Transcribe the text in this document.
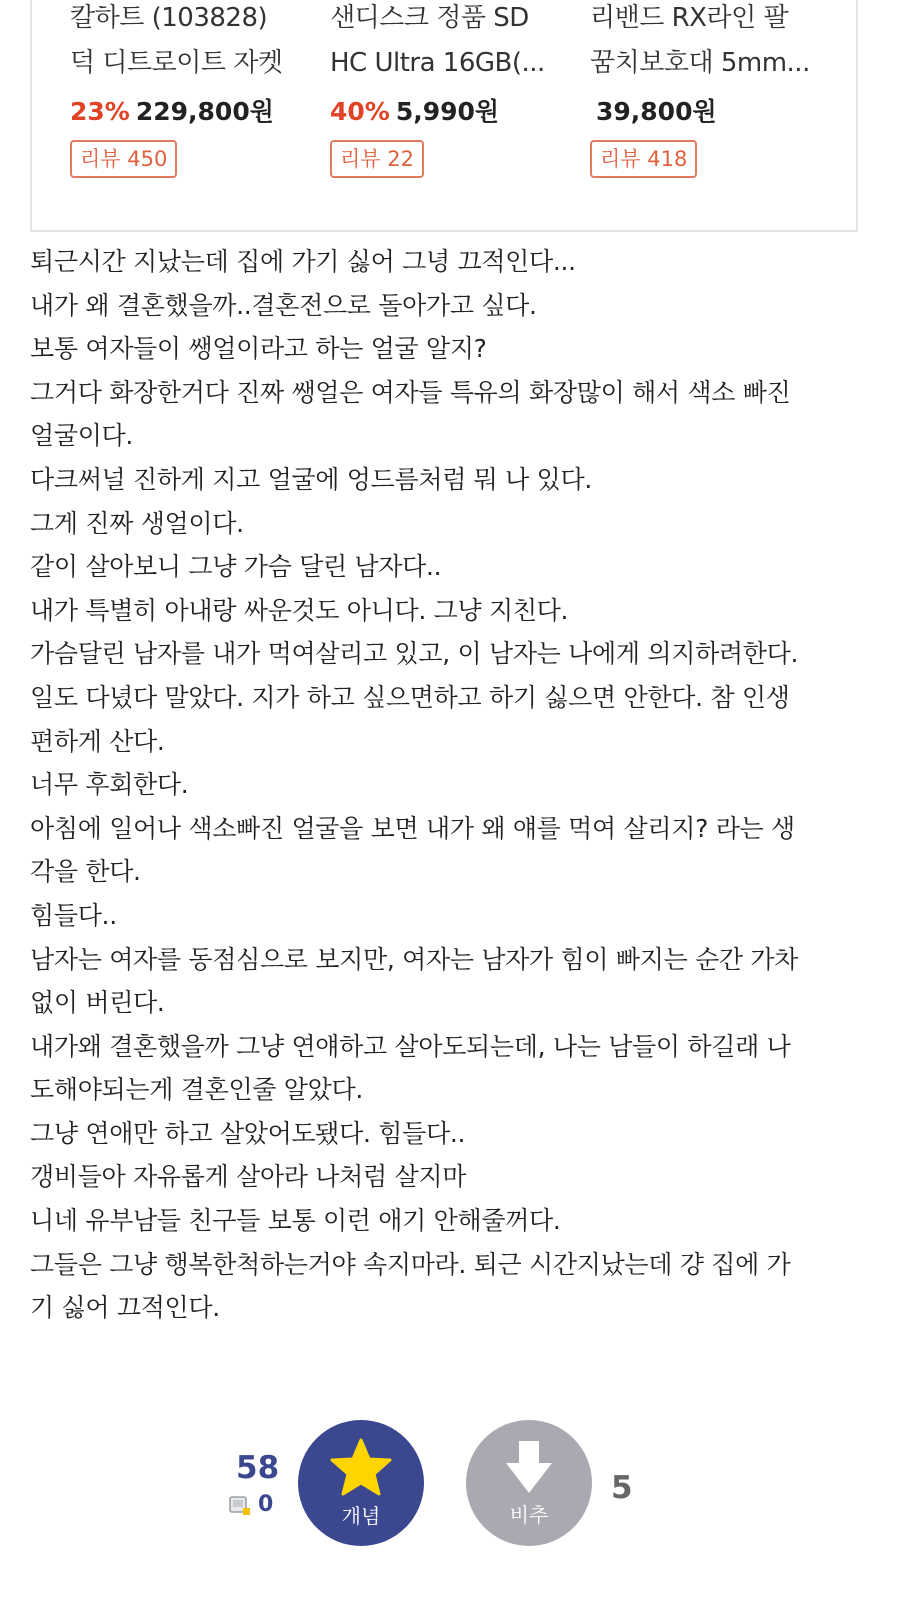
칼하트 (103828)
덕 디트로이트 자켓
23% 229,800원
리뷰 450
샌디스크 정품 SD
HC Ultra 16GB(...
40% 5,990원
리뷰 22
리밴드 RX라인 팔
꿈치보호대 5mm...
39,800원
리뷰 418

퇴근시간 지났는데 집에 가기 싫어 그녕 끄적인다...

내가 왜 결혼했을까..결혼전으로 돌아가고 싶다.

보통 여자들이 쌩얼이라고 하는 얼굴 알지?

그거다 화장한거다 진짜 쌩얼은 여자들 특유의 화장많이 해서 색소 빠진

얼굴이다.

다크써널 진하게 지고 얼굴에 엉드름처럼 뭐 나 있다.

그게 진짜 생얼이다.

같이 살아보니 그냥 가슴 달린 남자다..

내가 특별히 아내랑 싸운것도 아니다. 그냥 지친다.

가슴달린 남자를 내가 먹여살리고 있고, 이 남자는 나에게 의지하려한다.

일도 다녔다 말았다. 지가 하고 싶으면하고 하기 싫으면 안한다. 참 인생

편하게 산다.

너무 후회한다.

아침에 일어나 색소빠진 얼굴을 보면 내가 왜 얘를 먹여 살리지? 라는 생

각을 한다.

힘들다..

남자는 여자를 동점심으로 보지만, 여자는 남자가 힘이 빠지는 순간 가차

없이 버린다.

내가왜 결혼했을까 그냥 연얘하고 살아도되는데, 나는 남들이 하길래 나

도해야되는게 결혼인줄 알았다.

그냥 연애만 하고 살았어도됐다. 힘들다..

갱비들아 자유롭게 살아라 나처럼 살지마

니네 유부남들 친구들 보통 이런 애기 안해줄꺼다.

그들은 그냥 행복한척하는거야 속지마라. 퇴근 시간지났는데 걍 집에 가

기 싫어 끄적인다.

58
0	개념	비추
5
